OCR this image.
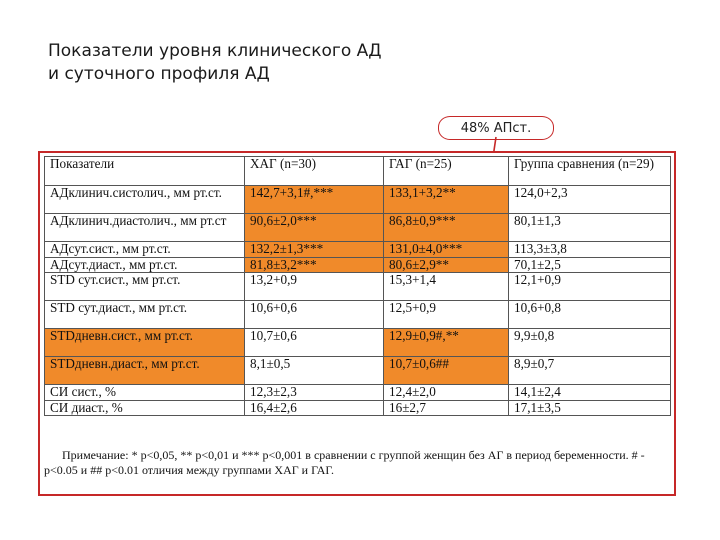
Показатели уровня клинического АД
и суточного профиля АД
48% АПст.
Показатели	ХАГ (n=30)	ГАГ (n=25)	Группа сравнения (n=29)
АДклинич.систолич., мм рт.ст.	142,7+3,1#,***	133,1+3,2**	124,0+2,3
АДклинич.диастолич., мм рт.ст	90,6±2,0***	86,8±0,9***	80,1±1,3
АДсут.сист., мм рт.ст.	132,2±1,3***	131,0±4,0***	113,3±3,8
АДсут.диаст., мм рт.ст.	81,8±3,2***	80,6±2,9**	70,1±2,5
STD сут.сист., мм рт.ст.	13,2+0,9	15,3+1,4	12,1+0,9
STD сут.диаст., мм рт.ст.	10,6+0,6	12,5+0,9	10,6+0,8
STDдневн.сист., мм рт.ст.	10,7±0,6	12,9±0,9#,**	9,9±0,8
STDдневн.диаст., мм рт.ст.	8,1±0,5	10,7±0,6##	8,9±0,7
СИ сист., %	12,3±2,3	12,4±2,0	14,1±2,4
СИ диаст., %	16,4±2,6	16±2,7	17,1±3,5
Примечание: * р<0,05, ** р<0,01 и *** р<0,001 в сравнении с группой женщин без АГ в период беременности. # - р<0.05 и ## р<0.01 отличия между группами ХАГ и ГАГ.
